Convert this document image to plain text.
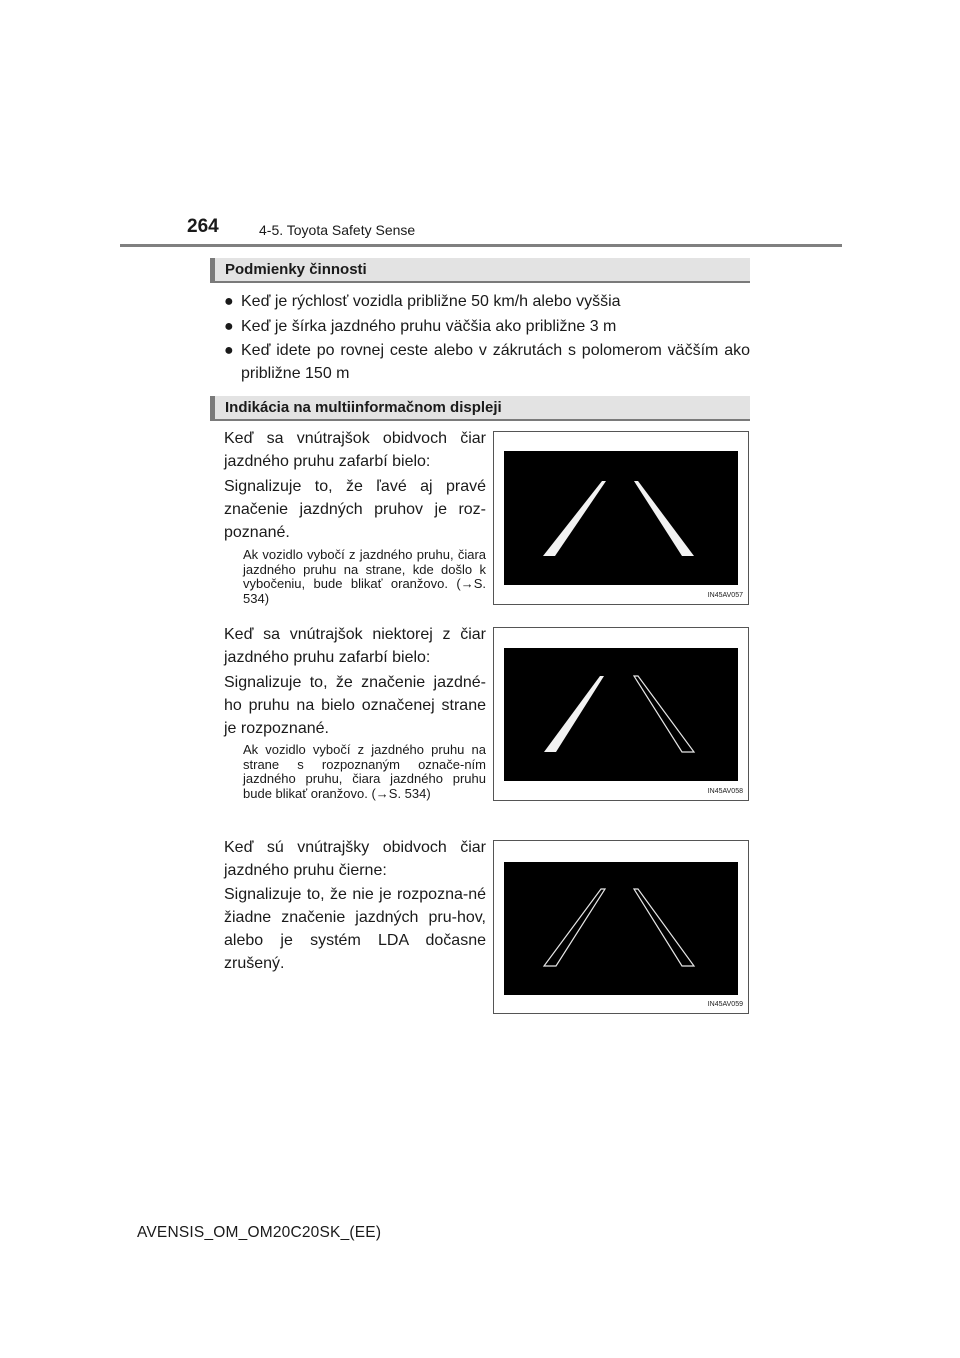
264	4-5. Toyota Safety Sense
Podmienky činnosti
● Keď je rýchlosť vozidla približne 50 km/h alebo vyššia
● Keď je šírka jazdného pruhu väčšia ako približne 3 m
● Keď idete po rovnej ceste alebo v zákrutách s polomerom väčším ako približne 150 m
Indikácia na multiinformačnom displeji

Keď sa vnútrajšok obidvoch čiar jazdného pruhu zafarbí bielo:

Signalizuje to, že ľavé aj pravé značenie jazdných pruhov je roz-poznané.

Ak vozidlo vybočí z jazdného pruhu, čiara jazdného pruhu na strane, kde došlo k vybočeniu, bude blikať oranžovo. (→S. 534)	IN45AV057

Keď sa vnútrajšok niektorej z čiar jazdného pruhu zafarbí bielo:

Signalizuje to, že značenie jazdné-ho pruhu na bielo označenej strane je rozpoznané.

Ak vozidlo vybočí z jazdného pruhu na strane s rozpoznaným označe-ním jazdného pruhu, čiara jazdného pruhu bude blikať oranžovo. (→S. 534)	IN45AV058

Keď sú vnútrajšky obidvoch čiar jazdného pruhu čierne:

Signalizuje to, že nie je rozpozna-né žiadne značenie jazdných pru-hov, alebo je systém LDA dočasne zrušený.

IN45AV059
AVENSIS_OM_OM20C20SK_(EE)
